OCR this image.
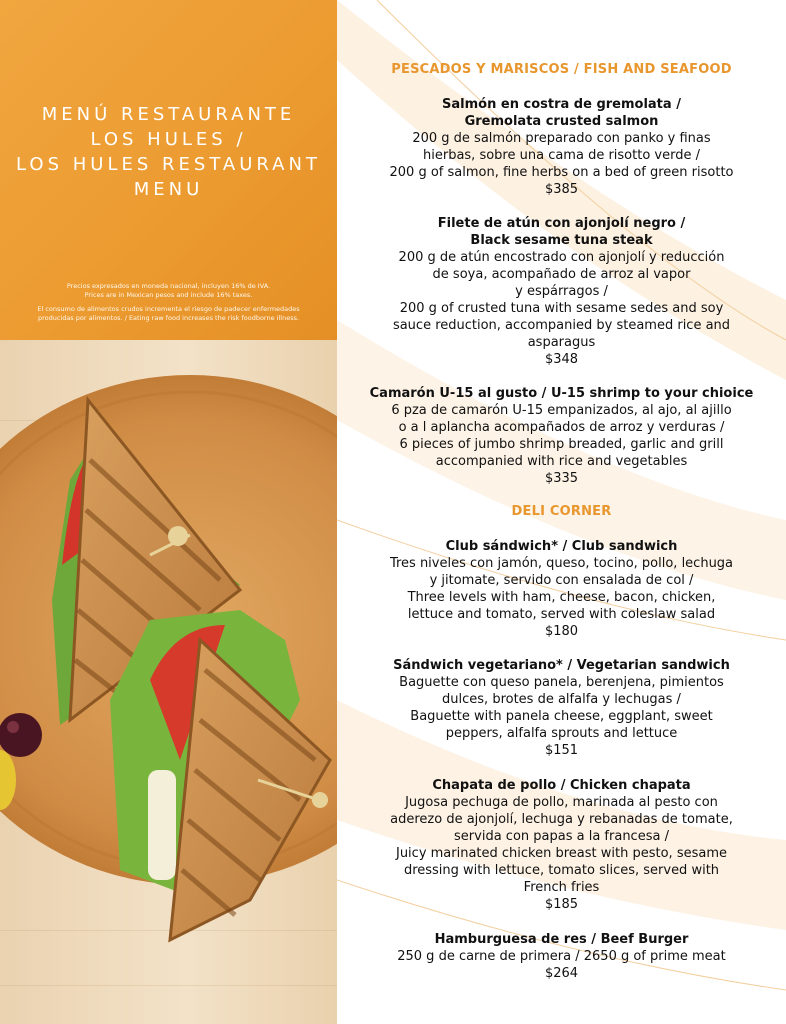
MENÚ RESTAURANTE
LOS HULES /
LOS HULES RESTAURANT
MENU

Precios expresados en moneda nacional, incluyen 16% de IVA.
Prices are in Mexican pesos and include 16% taxes.

El consumo de alimentos crudos incrementa el riesgo de padecer enfermedades
producidas por alimentos. / Eating raw food increases the risk foodborne illness.

PESCADOS Y MARISCOS / FISH AND SEAFOOD
Salmón en costra de gremolata /
Gremolata crusted salmon
200 g de salmón preparado con panko y finas
hierbas, sobre una cama de risotto verde /
200 g of salmon, fine herbs on a bed of green risotto
$385
Filete de atún con ajonjolí negro /
Black sesame tuna steak
200 g de atún encostrado con ajonjolí y reducción
de soya, acompañado de arroz al vapor
y espárragos /
200 g of crusted tuna with sesame sedes and soy
sauce reduction, accompanied by steamed rice and
asparagus
$348
Camarón U-15 al gusto / U-15 shrimp to your chioice
6 pza de camarón U-15 empanizados, al ajo, al ajillo
o a l aplancha acompañados de arroz y verduras /
6 pieces of jumbo shrimp breaded, garlic and grill
accompanied with rice and vegetables
$335
DELI CORNER
Club sándwich* / Club sandwich
Tres niveles con jamón, queso, tocino, pollo, lechuga
y jitomate, servido con ensalada de col /
Three levels with ham, cheese, bacon, chicken,
lettuce and tomato, served with coleslaw salad
$180
Sándwich vegetariano* / Vegetarian sandwich
Baguette con queso panela, berenjena, pimientos
dulces, brotes de alfalfa y lechugas /
Baguette with panela cheese, eggplant, sweet
peppers, alfalfa sprouts and lettuce
$151
Chapata de pollo / Chicken chapata
Jugosa pechuga de pollo, marinada al pesto con
aderezo de ajonjolí, lechuga y rebanadas de tomate,
servida con papas a la francesa /
Juicy marinated chicken breast with pesto, sesame
dressing with lettuce, tomato slices, served with
French fries
$185
Hamburguesa de res / Beef Burger
250 g de carne de primera / 2650 g of prime meat
$264
